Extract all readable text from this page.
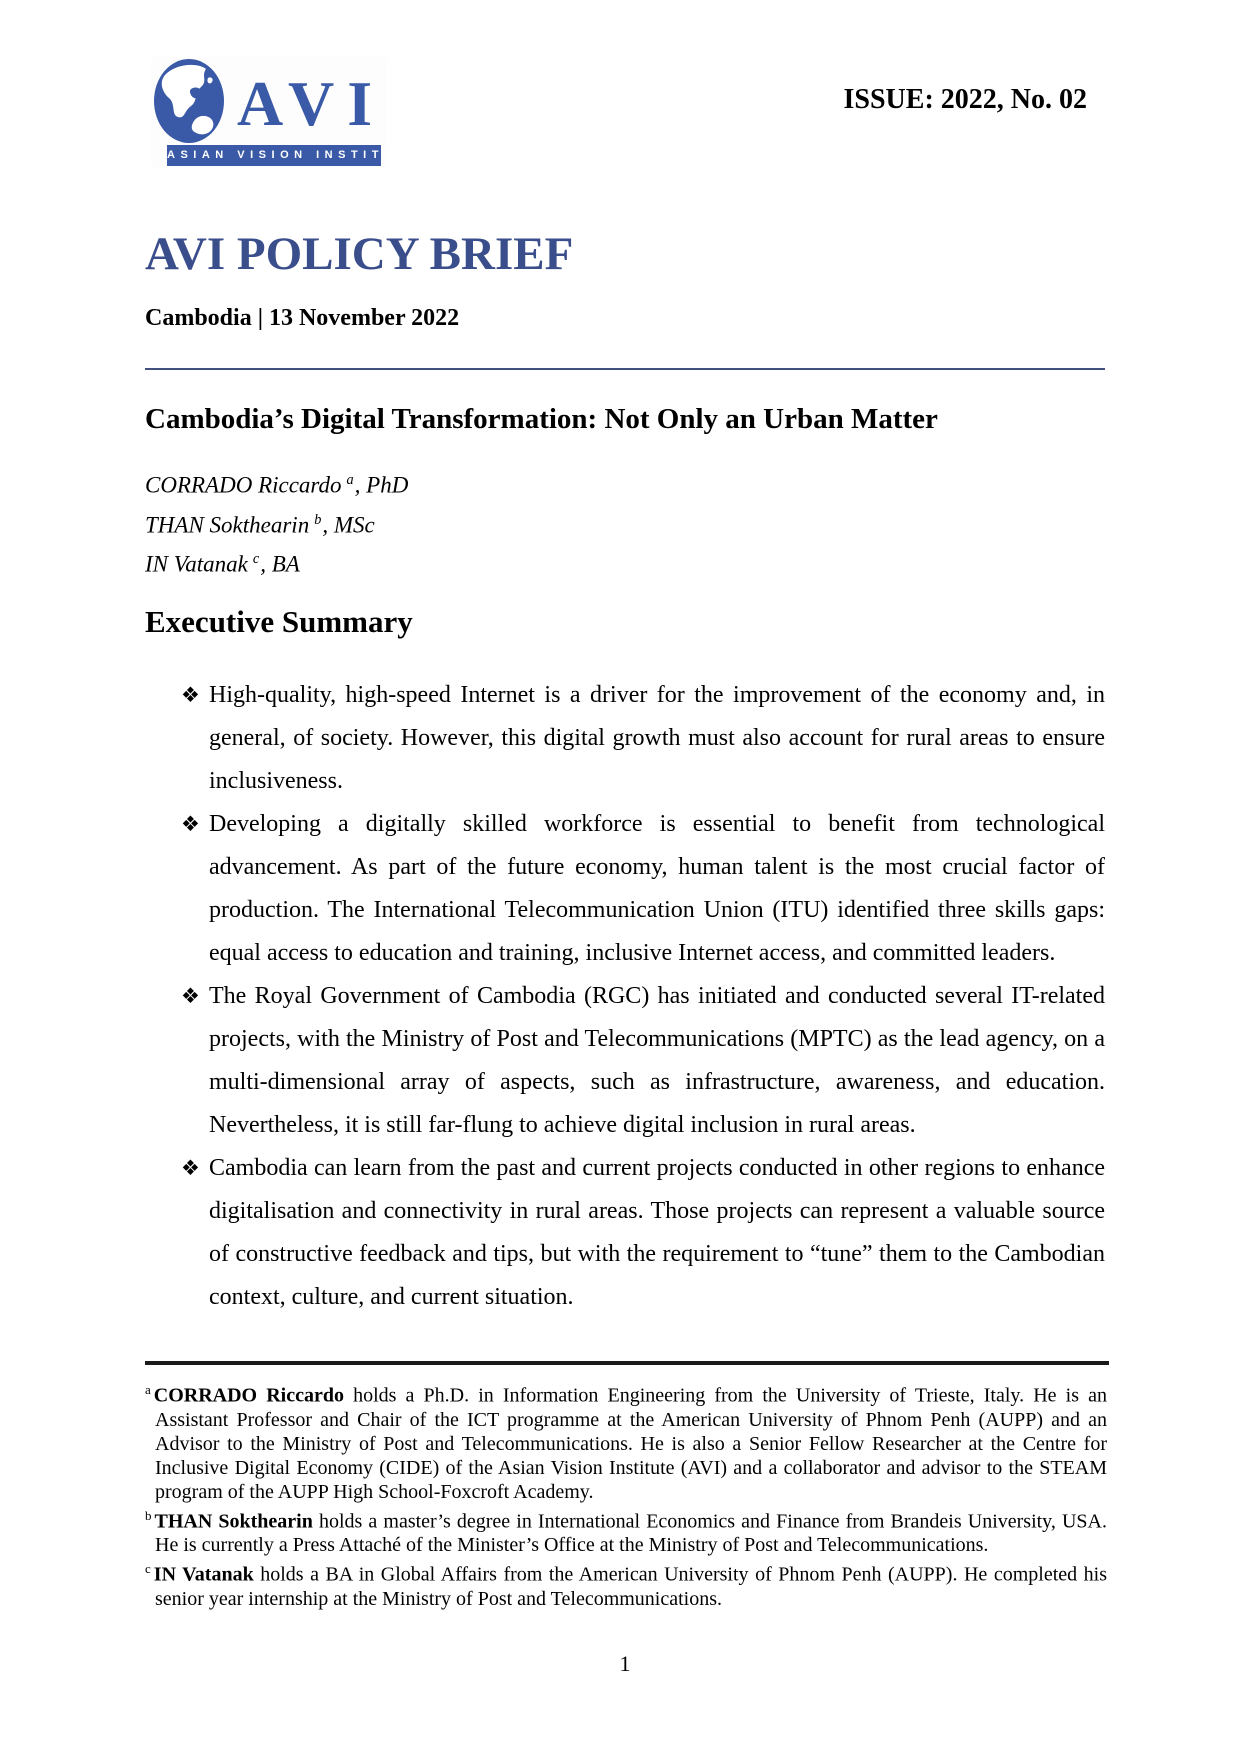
AVI
ASIAN VISION INSTITUTE
ISSUE: 2022, No. 02
AVI POLICY BRIEF
Cambodia | 13 November 2022
Cambodia’s Digital Transformation: Not Only an Urban Matter
CORRADO Riccardo $^a$, PhD
THAN Sokthearin $^b$, MSc
IN Vatanak $^c$, BA
Executive Summary
❖ High-quality, high-speed Internet is a driver for the improvement of the economy and, in general, of society. However, this digital growth must also account for rural areas to ensure inclusiveness.
❖ Developing a digitally skilled workforce is essential to benefit from technological advancement. As part of the future economy, human talent is the most crucial factor of production. The International Telecommunication Union (ITU) identified three skills gaps: equal access to education and training, inclusive Internet access, and committed leaders.
❖ The Royal Government of Cambodia (RGC) has initiated and conducted several IT-related projects, with the Ministry of Post and Telecommunications (MPTC) as the lead agency, on a multi-dimensional array of aspects, such as infrastructure, awareness, and education. Nevertheless, it is still far-flung to achieve digital inclusion in rural areas.
❖ Cambodia can learn from the past and current projects conducted in other regions to enhance digitalisation and connectivity in rural areas. Those projects can represent a valuable source of constructive feedback and tips, but with the requirement to “tune” them to the Cambodian context, culture, and current situation.
$^a$ CORRADO Riccardo holds a Ph.D. in Information Engineering from the University of Trieste, Italy. He is an Assistant Professor and Chair of the ICT programme at the American University of Phnom Penh (AUPP) and an Advisor to the Ministry of Post and Telecommunications. He is also a Senior Fellow Researcher at the Centre for Inclusive Digital Economy (CIDE) of the Asian Vision Institute (AVI) and a collaborator and advisor to the STEAM program of the AUPP High School-Foxcroft Academy.
$^b$ THAN Sokthearin holds a master’s degree in International Economics and Finance from Brandeis University, USA. He is currently a Press Attaché of the Minister’s Office at the Ministry of Post and Telecommunications.
$^c$ IN Vatanak holds a BA in Global Affairs from the American University of Phnom Penh (AUPP). He completed his senior year internship at the Ministry of Post and Telecommunications.
1
